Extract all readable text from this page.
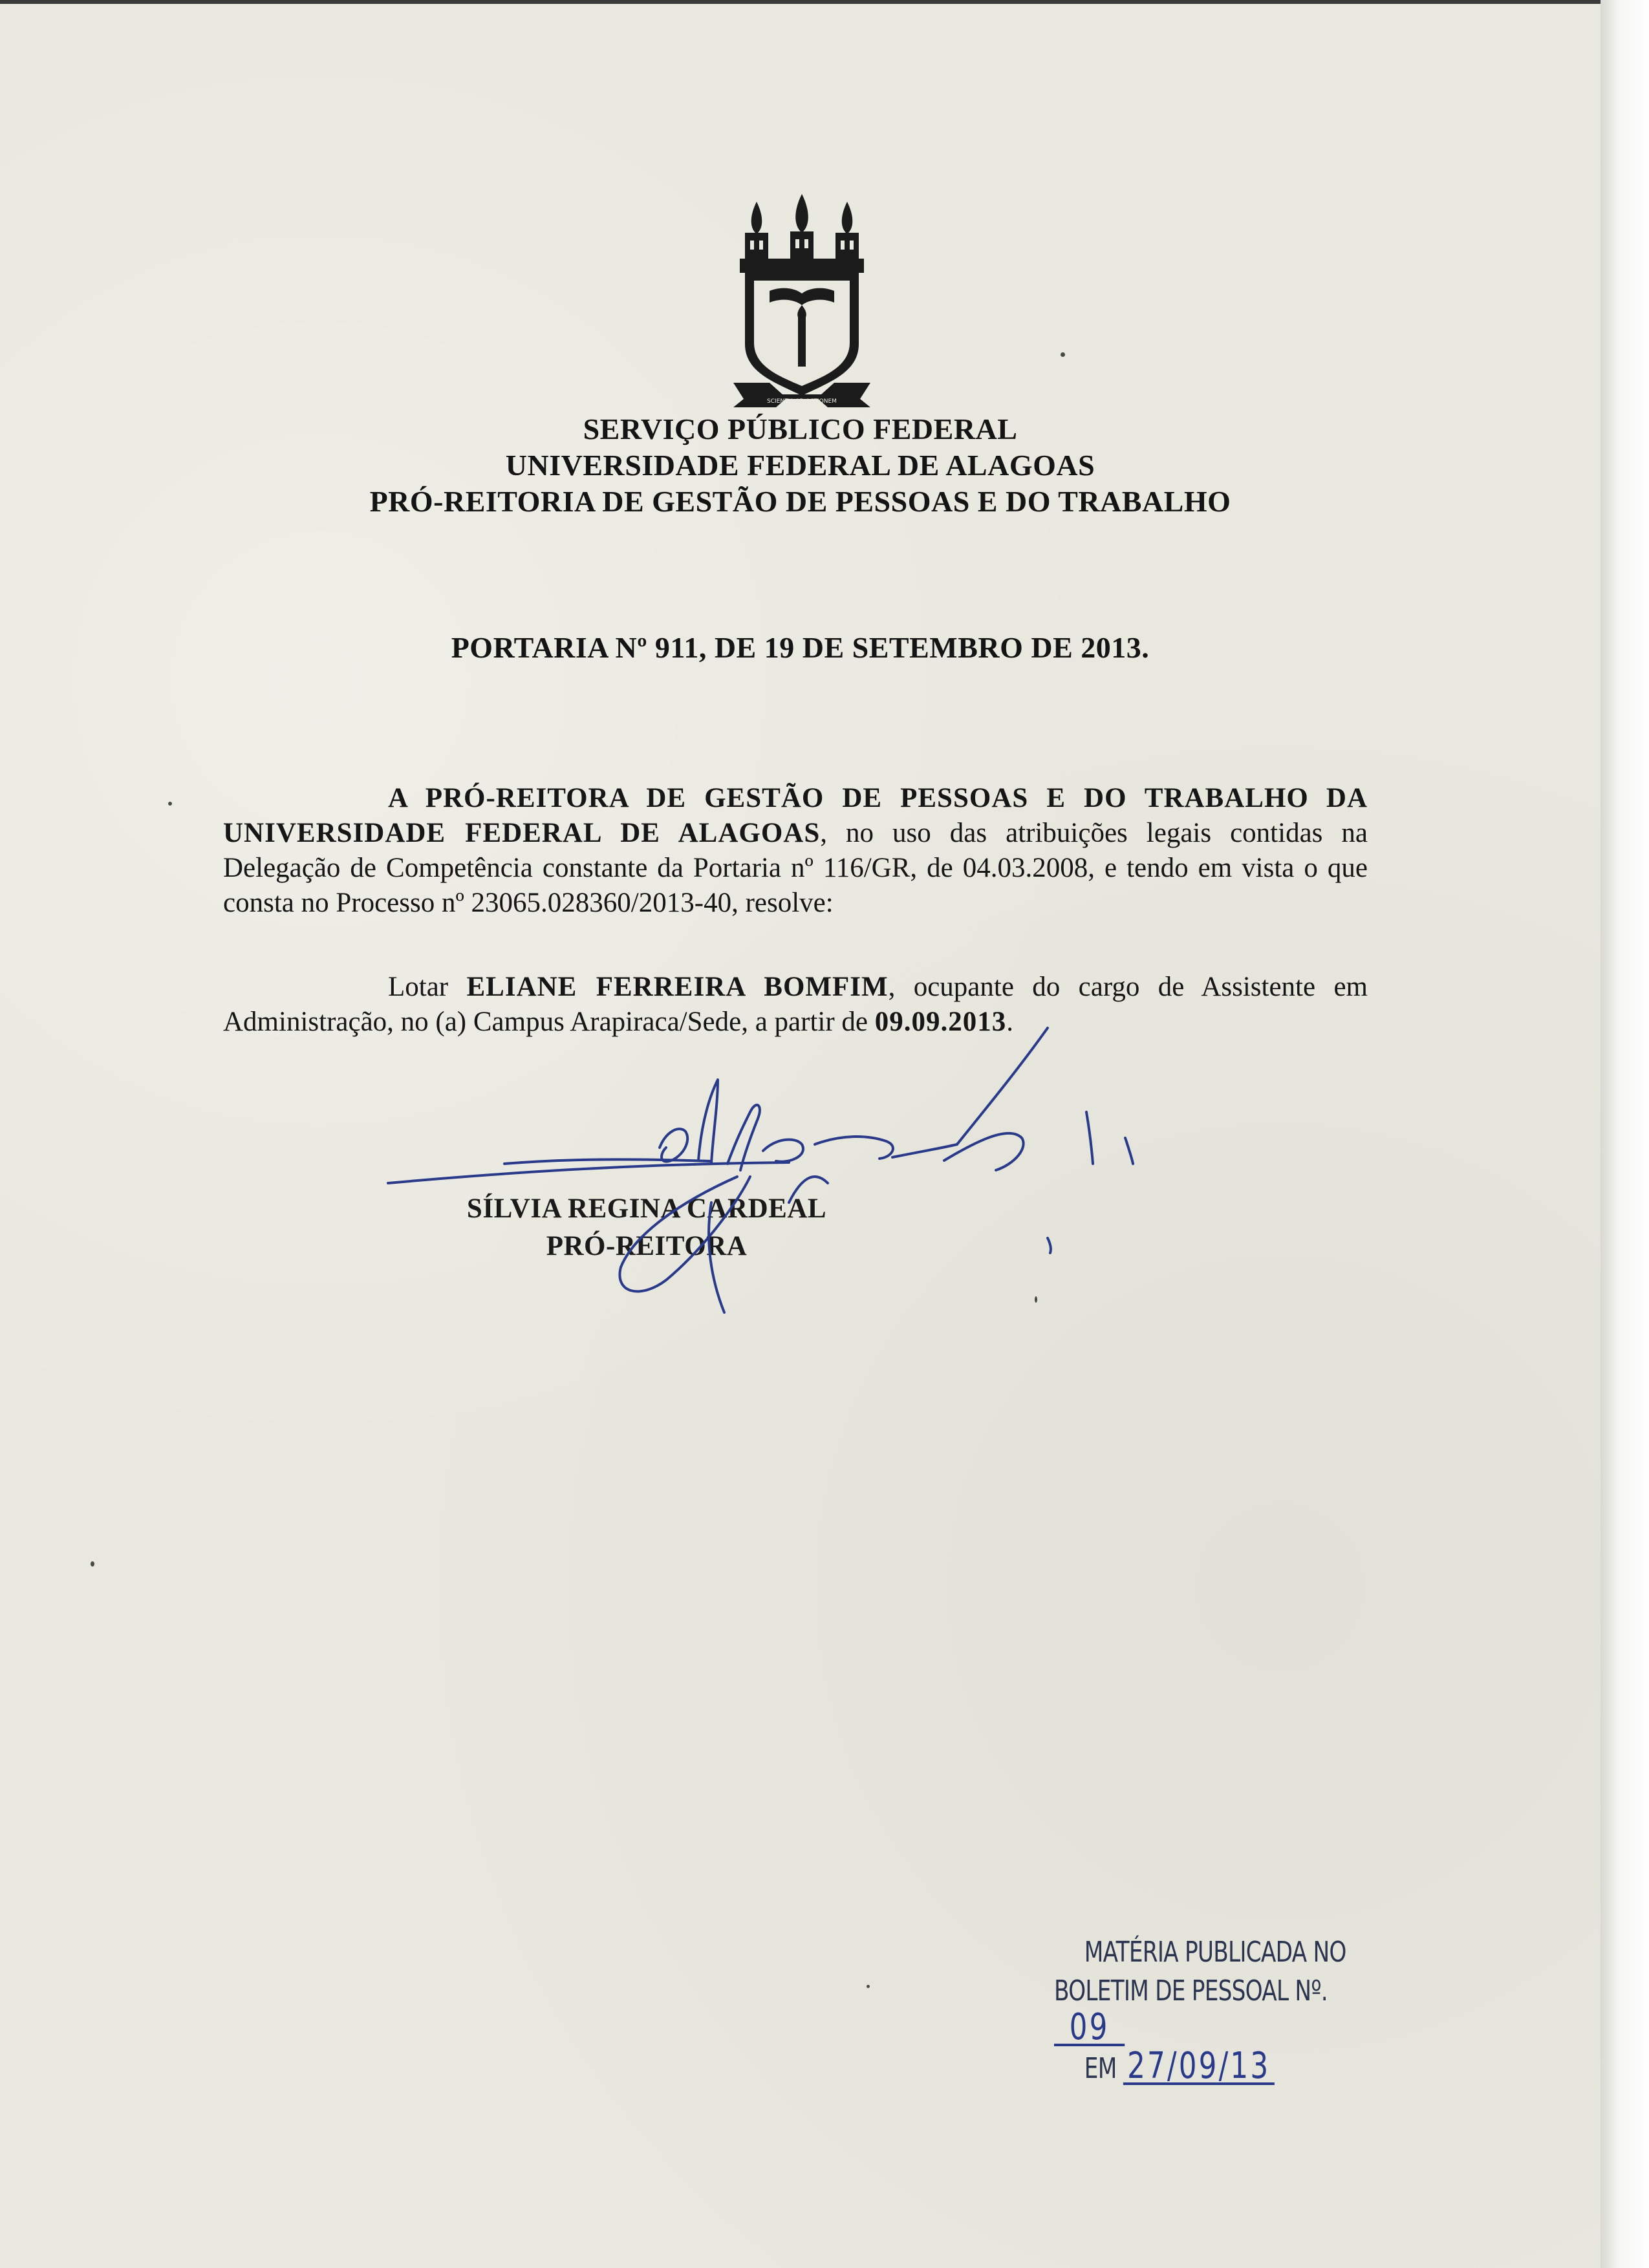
SCIENTIA AD ACTIONEM
SERVIÇO PÚBLICO FEDERAL
UNIVERSIDADE FEDERAL DE ALAGOAS
PRÓ-REITORIA DE GESTÃO DE PESSOAS E DO TRABALHO
PORTARIA Nº 911, DE 19 DE SETEMBRO DE 2013.
A PRÓ-REITORA DE GESTÃO DE PESSOAS E DO TRABALHO DA UNIVERSIDADE FEDERAL DE ALAGOAS, no uso das atribuições legais contidas na Delegação de Competência constante da Portaria nº 116/GR, de 04.03.2008, e tendo em vista o que consta no Processo nº 23065.028360/2013-40, resolve:
Lotar ELIANE FERREIRA BOMFIM, ocupante do cargo de Assistente em Administração, no (a) Campus Arapiraca/Sede, a partir de 09.09.2013.
SÍLVIA REGINA CARDEAL
PRÓ-REITORA
MATÉRIA PUBLICADA NO
BOLETIM DE PESSOAL Nº. 09
EM 27/09/13
